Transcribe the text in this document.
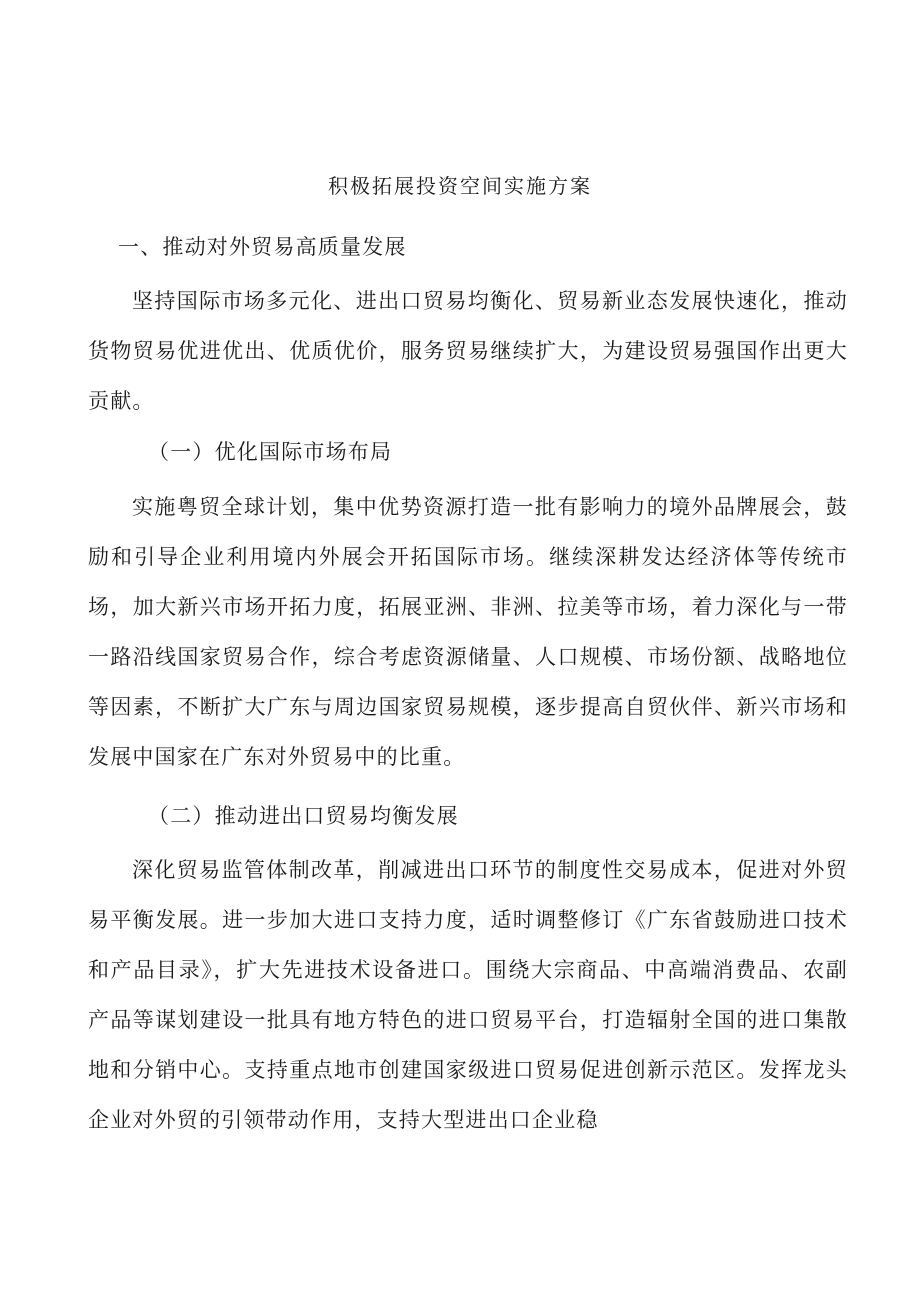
积极拓展投资空间实施方案
一、推动对外贸易高质量发展

坚持国际市场多元化、进出口贸易均衡化、贸易新业态发展快速化，推动货物贸易优进优出、优质优价，服务贸易继续扩大，为建设贸易强国作出更大贡献。

（一）优化国际市场布局

实施粤贸全球计划，集中优势资源打造一批有影响力的境外品牌展会，鼓励和引导企业利用境内外展会开拓国际市场。继续深耕发达经济体等传统市场，加大新兴市场开拓力度，拓展亚洲、非洲、拉美等市场，着力深化与一带一路沿线国家贸易合作，综合考虑资源储量、人口规模、市场份额、战略地位等因素，不断扩大广东与周边国家贸易规模，逐步提高自贸伙伴、新兴市场和发展中国家在广东对外贸易中的比重。

（二）推动进出口贸易均衡发展

深化贸易监管体制改革，削减进出口环节的制度性交易成本，促进对外贸易平衡发展。进一步加大进口支持力度，适时调整修订《广东省鼓励进口技术和产品目录》，扩大先进技术设备进口。围绕大宗商品、中高端消费品、农副产品等谋划建设一批具有地方特色的进口贸易平台，打造辐射全国的进口集散地和分销中心。支持重点地市创建国家级进口贸易促进创新示范区。发挥龙头企业对外贸的引领带动作用，支持大型进出口企业稳
